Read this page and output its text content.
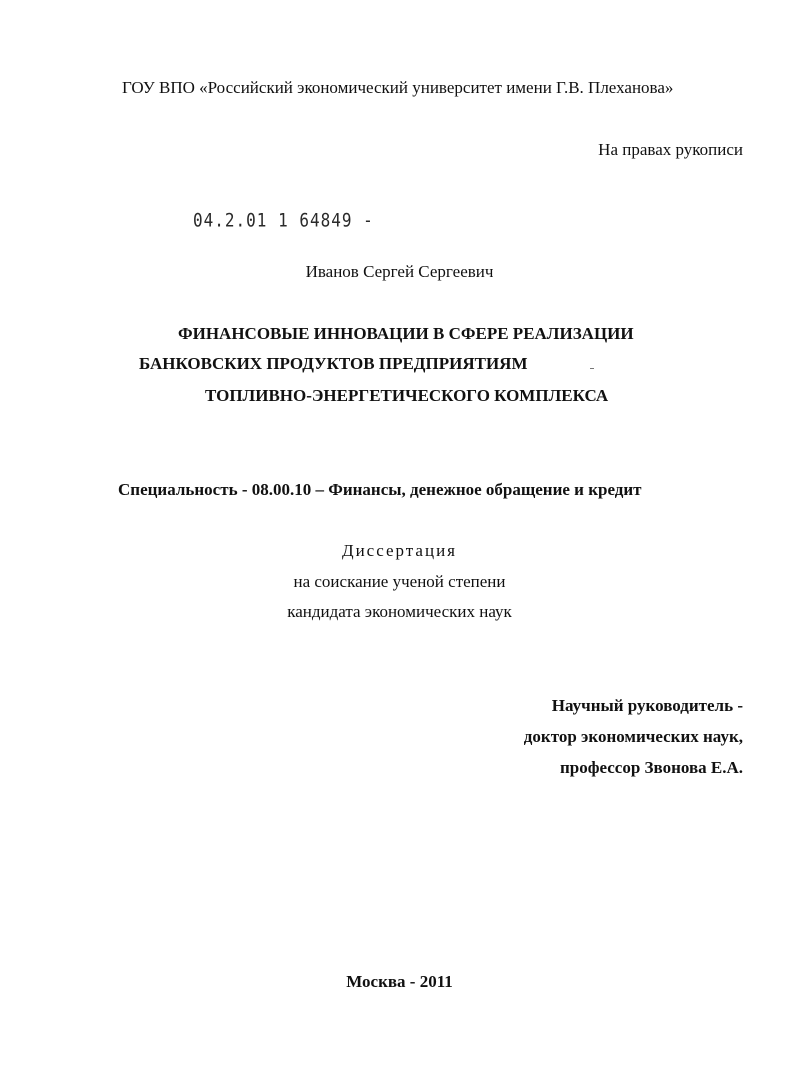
ГОУ ВПО «Российский экономический университет имени Г.В. Плеханова»
На правах рукописи
04.2.01 1 64849 -
Иванов Сергей Сергеевич
ФИНАНСОВЫЕ ИННОВАЦИИ В СФЕРЕ РЕАЛИЗАЦИИ
БАНКОВСКИХ ПРОДУКТОВ ПРЕДПРИЯТИЯМ
ТОПЛИВНО-ЭНЕРГЕТИЧЕСКОГО КОМПЛЕКСА
Специальность - 08.00.10 – Финансы, денежное обращение и кредит
Диссертация
на соискание ученой степени
кандидата экономических наук
Научный руководитель -
доктор экономических наук,
профессор Звонова Е.А.
Москва - 2011
